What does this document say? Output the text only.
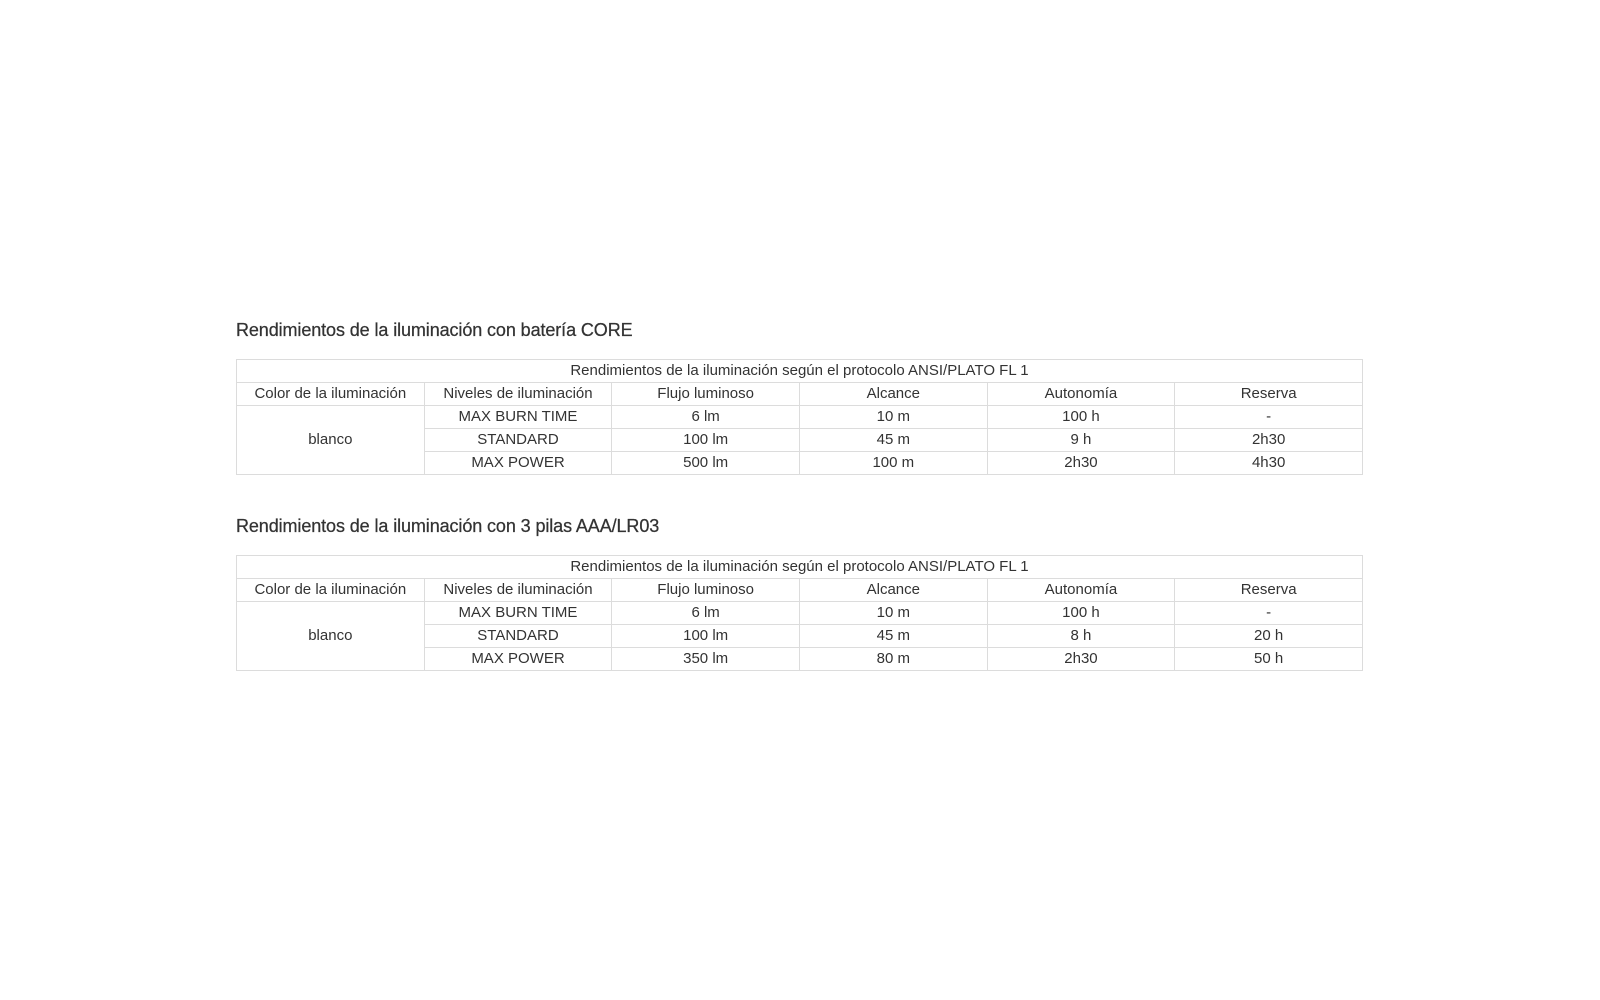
Rendimientos de la iluminación con batería CORE
Rendimientos de la iluminación según el protocolo ANSI/PLATO FL 1					
Color de la iluminación	Niveles de iluminación	Flujo luminoso	Alcance	Autonomía	Reserva
blanco	MAX BURN TIME	6 lm	10 m	100 h	-
	STANDARD	100 lm	45 m	9 h	2h30
	MAX POWER	500 lm	100 m	2h30	4h30
Rendimientos de la iluminación con 3 pilas AAA/LR03
Rendimientos de la iluminación según el protocolo ANSI/PLATO FL 1					
Color de la iluminación	Niveles de iluminación	Flujo luminoso	Alcance	Autonomía	Reserva
blanco	MAX BURN TIME	6 lm	10 m	100 h	-
	STANDARD	100 lm	45 m	8 h	20 h
	MAX POWER	350 lm	80 m	2h30	50 h
